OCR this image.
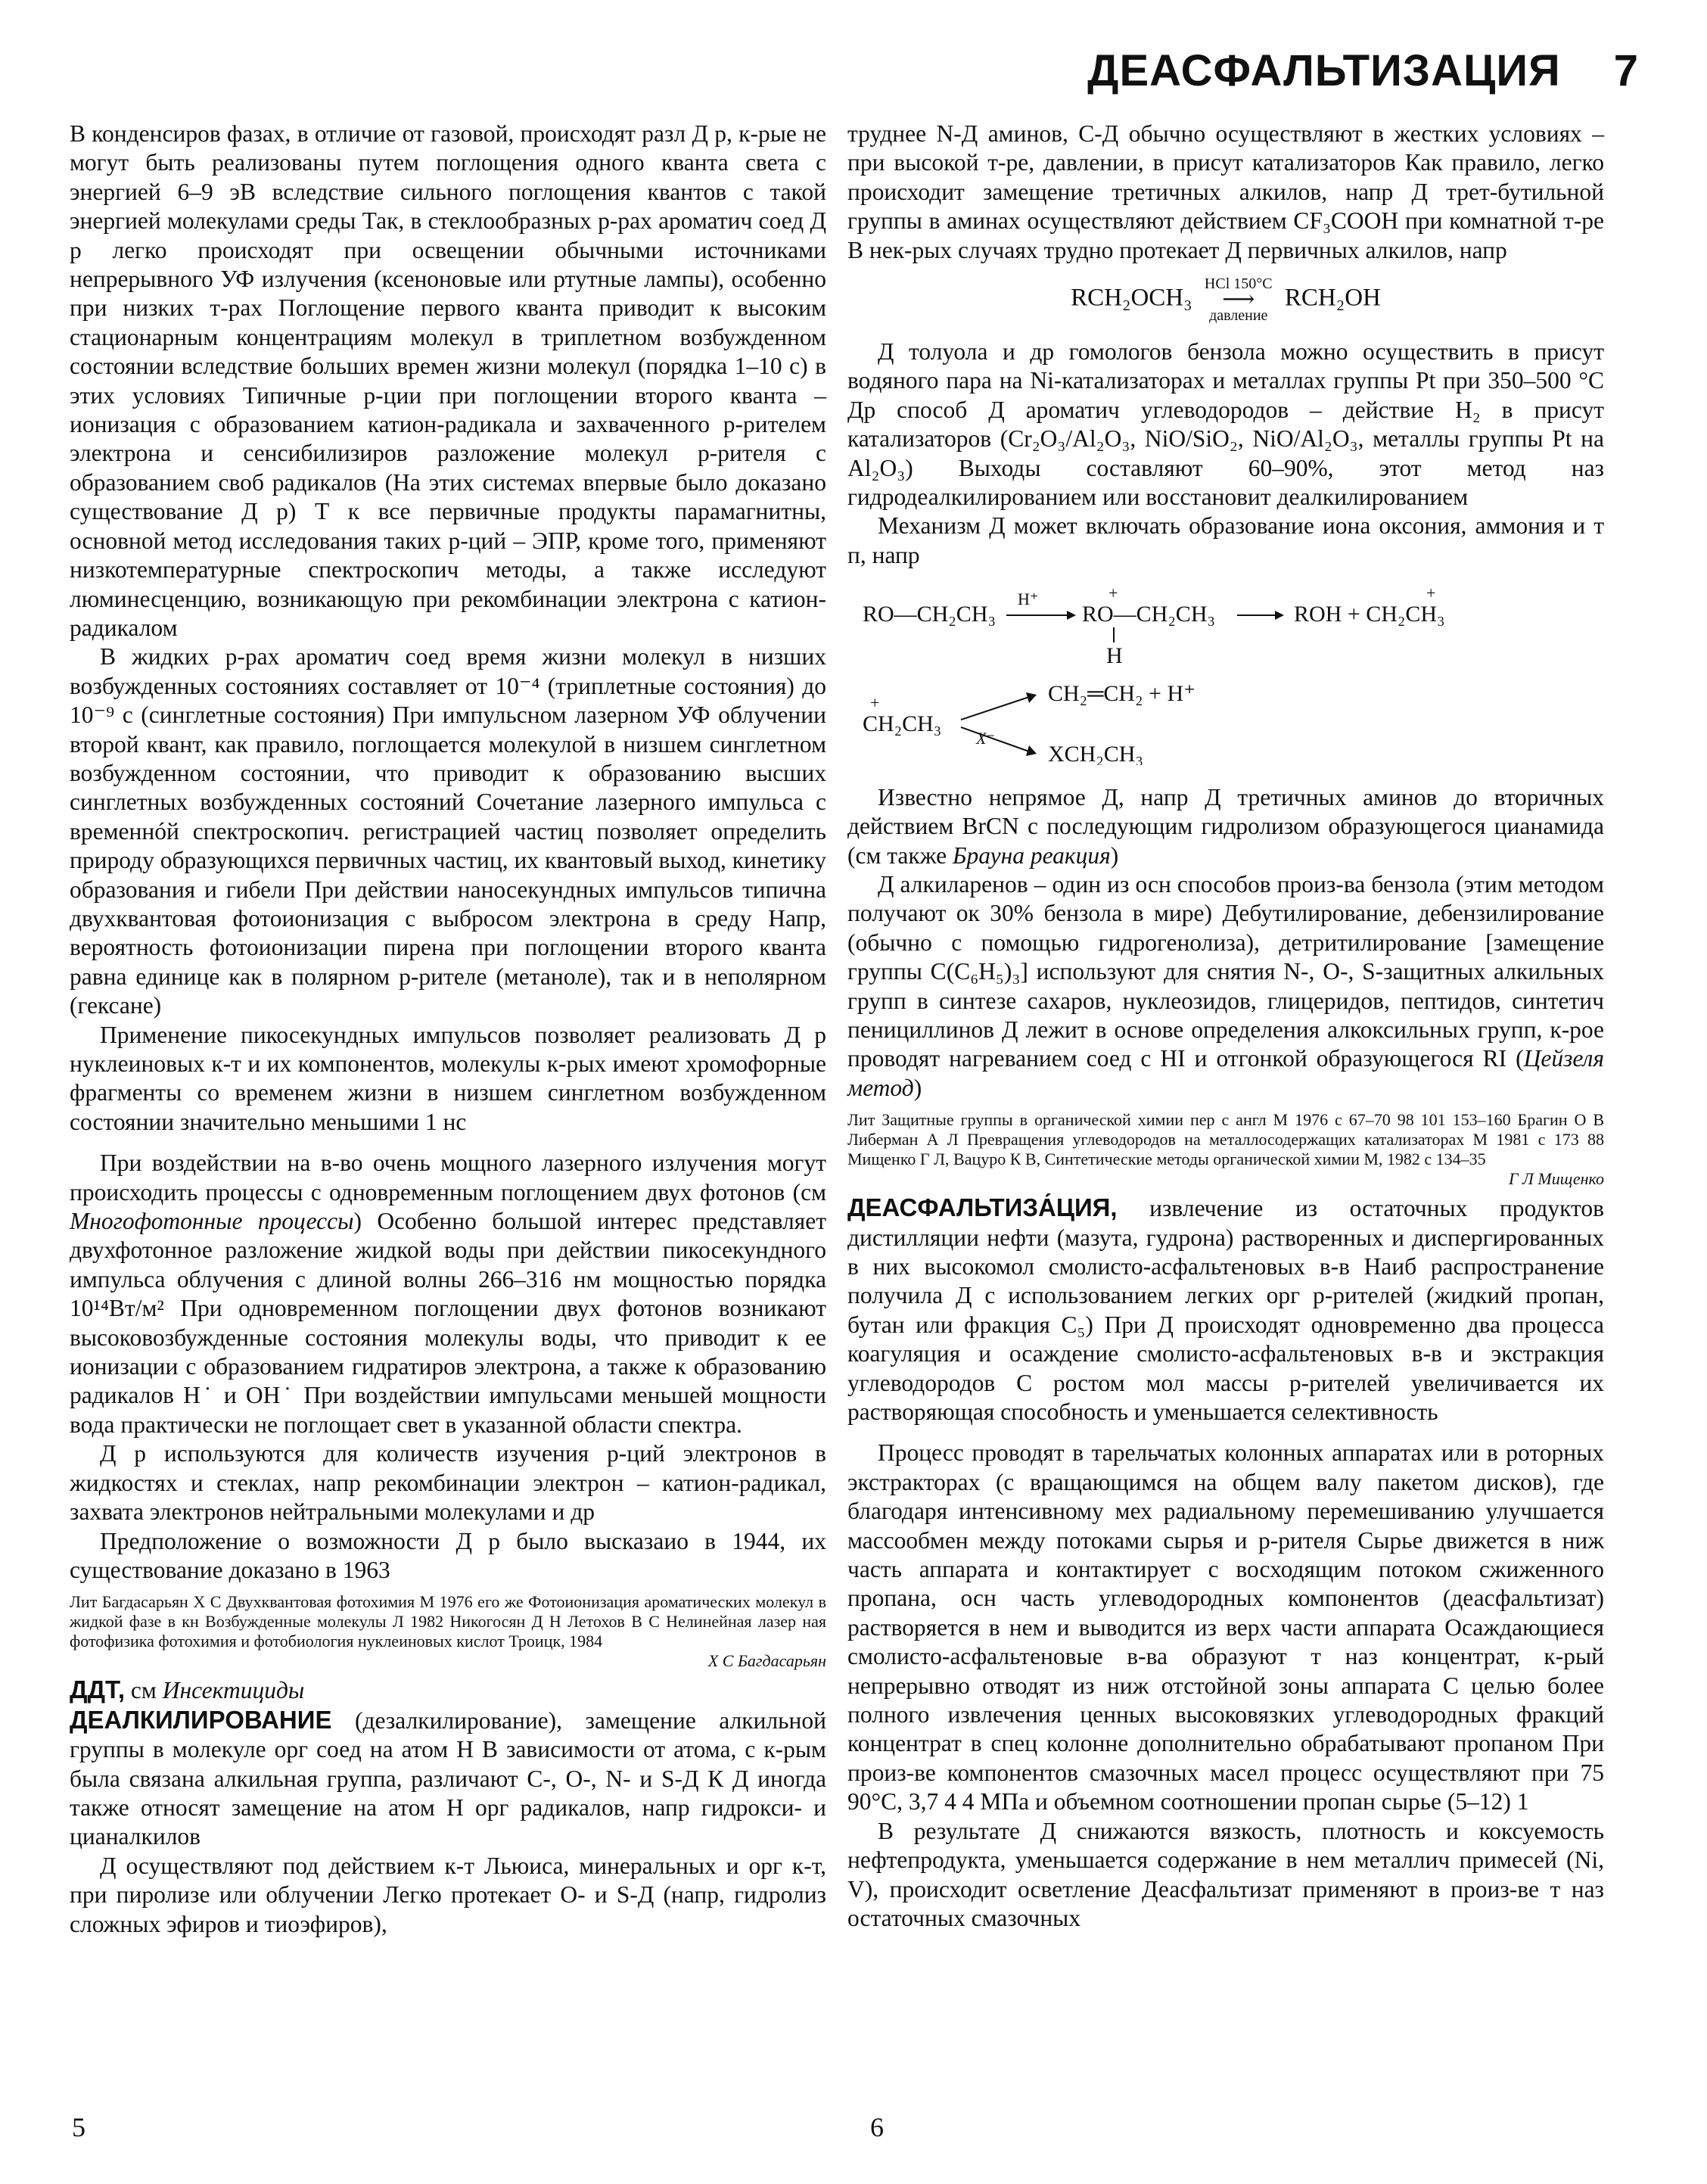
ДЕАСФАЛЬТИЗАЦИЯ 7

В конденсиров фазах, в отличие от газовой, происходят разл Д р, к-рые не могут быть реализованы путем поглощения одного кванта света с энергией 6–9 эВ вследствие сильного поглощения квантов с такой энергией молекулами среды Так, в стеклообразных р-рах ароматич соед Д р легко происходят при освещении обычными источниками непрерывного УФ излучения (ксеноновые или ртутные лампы), особенно при низких т-рах Поглощение первого кванта приводит к высоким стационарным концентрациям молекул в триплетном возбужденном состоянии вследствие больших времен жизни молекул (порядка 1–10 с) в этих условиях Типичные р-ции при поглощении второго кванта – ионизация с образованием катион-радикала и захваченного р-рителем электрона и сенсибилизиров разложение молекул р-рителя с образованием своб радикалов (На этих системах впервые было доказано существование Д р) Т к все первичные продукты парамагнитны, основной метод исследования таких р-ций – ЭПР, кроме того, применяют низкотемпературные спектроскопич методы, а также исследуют люминесценцию, возникающую при рекомбинации электрона с катион-радикалом

В жидких р-рах ароматич соед время жизни молекул в низших возбужденных состояниях составляет от 10⁻⁴ (триплетные состояния) до 10⁻⁹ с (синглетные состояния) При импульсном лазерном УФ облучении второй квант, как правило, поглощается молекулой в низшем синглетном возбужденном состоянии, что приводит к образованию высших синглетных возбужденных состояний Сочетание лазерного импульса с временнóй спектроскопич. регистрацией частиц позволяет определить природу образующихся первичных частиц, их квантовый выход, кинетику образования и гибели При действии наносекундных импульсов типична двухквантовая фотоионизация с выбросом электрона в среду Напр, вероятность фотоионизации пирена при поглощении второго кванта равна единице как в полярном р-рителе (метаноле), так и в неполярном (гексане)

Применение пикосекундных импульсов позволяет реализовать Д р нуклеиновых к-т и их компонентов, молекулы к-рых имеют хромофорные фрагменты со временем жизни в низшем синглетном возбужденном состоянии значительно меньшими 1 нс

При воздействии на в-во очень мощного лазерного излучения могут происходить процессы с одновременным поглощением двух фотонов (см Многофотонные процессы) Особенно большой интерес представляет двухфотонное разложение жидкой воды при действии пикосекундного импульса облучения с длиной волны 266–316 нм мощностью порядка 10¹⁴Вт/м² При одновременном поглощении двух фотонов возникают высоковозбужденные состояния молекулы воды, что приводит к ее ионизации с образованием гидратиров электрона, а также к образованию радикалов H˙ и OH˙ При воздействии импульсами меньшей мощности вода практически не поглощает свет в указанной области спектра.

Д р используются для количеств изучения р-ций электронов в жидкостях и стеклах, напр рекомбинации электрон – катион-радикал, захвата электронов нейтральными молекулами и др

Предположение о возможности Д р было высказаио в 1944, их существование доказано в 1963

Лит Багдасарьян Х С Двухквантовая фотохимия М 1976 его же Фотоионизация ароматических молекул в жидкой фазе в кн Возбужденные молекулы Л 1982 Никогосян Д Н Летохов В С Нелинейная лазер ная фотофизика фотохимия и фотобиология нуклеиновых кислот Троицк, 1984
Х С Багдасарьян

ДДТ, см Инсектициды

ДЕАЛКИЛИРОВАНИЕ (дезалкилирование), замещение алкильной группы в молекуле орг соед на атом H В зависимости от атома, с к-рым была связана алкильная группа, различают C-, O-, N- и S-Д К Д иногда также относят замещение на атом H орг радикалов, напр гидрокси- и цианалкилов

Д осуществляют под действием к-т Льюиса, минеральных и орг к-т, при пиролизе или облучении Легко протекает O- и S-Д (напр, гидролиз сложных эфиров и тиоэфиров),

труднее N-Д аминов, C-Д обычно осуществляют в жестких условиях – при высокой т-ре, давлении, в присут катализаторов Как правило, легко происходит замещение третичных алкилов, напр Д трет-бутильной группы в аминах осуществляют действием CF₃COOH при комнатной т-ре В нек-рых случаях трудно протекает Д первичных алкилов, напр

RCH₂OCH₃
HCl 150°C
⟶
давление
RCH₂OH

Д толуола и др гомологов бензола можно осуществить в присут водяного пара на Ni-катализаторах и металлах группы Pt при 350–500 °C Др способ Д ароматич углеводородов – действие H₂ в присут катализаторов (Cr₂O₃/Al₂O₃, NiO/SiO₂, NiO/Al₂O₃, металлы группы Pt на Al₂O₃) Выходы составляют 60–90%, этот метод наз гидродеалкилированием или восстановит деалкилированием

Механизм Д может включать образование иона оксония, аммония и т п, напр

RO—CH₂CH₃
H⁺
RO—CH₂CH₃
+
H
ROH + CH₂CH₃
+
CH₂CH₃
+
X⁻
CH₂═CH₂ + H⁺
XCH₂CH₃

Известно непрямое Д, напр Д третичных аминов до вторичных действием BrCN с последующим гидролизом образующегося цианамида (см также Брауна реакция)

Д алкиларенов – один из осн способов произ-ва бензола (этим методом получают ок 30% бензола в мире) Дебутилирование, дебензилирование (обычно с помощью гидрогенолиза), детритилирование [замещение группы C(C₆H₅)₃] используют для снятия N-, O-, S-защитных алкильных групп в синтезе сахаров, нуклеозидов, глицеридов, пептидов, синтетич пенициллинов Д лежит в основе определения алкоксильных групп, к-рое проводят нагреванием соед с HI и отгонкой образующегося RI (Цейзеля метод)

Лит Защитные группы в органической химии пер с англ М 1976 с 67–70 98 101 153–160 Брагин О В Либерман А Л Превращения углеводородов на металлосодержащих катализаторах М 1981 с 173 88 Мищенко Г Л, Вацуро К В, Синтетические методы органической химии М, 1982 с 134–35
Г Л Мищенко

ДЕАСФАЛЬТИЗА́ЦИЯ, извлечение из остаточных продуктов дистилляции нефти (мазута, гудрона) растворенных и диспергированных в них высокомол смолисто-асфальтеновых в-в Наиб распространение получила Д с использованием легких орг р-рителей (жидкий пропан, бутан или фракция C₅) При Д происходят одновременно два процесса коагуляция и осаждение смолисто-асфальтеновых в-в и экстракция углеводородов С ростом мол массы р-рителей увеличивается их растворяющая способность и уменьшается селективность

Процесс проводят в тарельчатых колонных аппаратах или в роторных экстракторах (с вращающимся на общем валу пакетом дисков), где благодаря интенсивному мех радиальному перемешиванию улучшается массообмен между потоками сырья и р-рителя Сырье движется в ниж часть аппарата и контактирует с восходящим потоком сжиженного пропана, осн часть углеводородных компонентов (деасфальтизат) растворяется в нем и выводится из верх части аппарата Осаждающиеся смолисто-асфальтеновые в-ва образуют т наз концентрат, к-рый непрерывно отводят из ниж отстойной зоны аппарата С целью более полного извлечения ценных высоковязких углеводородных фракций концентрат в спец колонне дополнительно обрабатывают пропаном При произ-ве компонентов смазочных масел процесс осуществляют при 75 90°C, 3,7 4 4 МПа и объемном соотношении пропан сырье (5–12) 1

В результате Д снижаются вязкость, плотность и коксуемость нефтепродукта, уменьшается содержание в нем металлич примесей (Ni, V), происходит осветление Деасфальтизат применяют в произ-ве т наз остаточных смазочных

5	6
